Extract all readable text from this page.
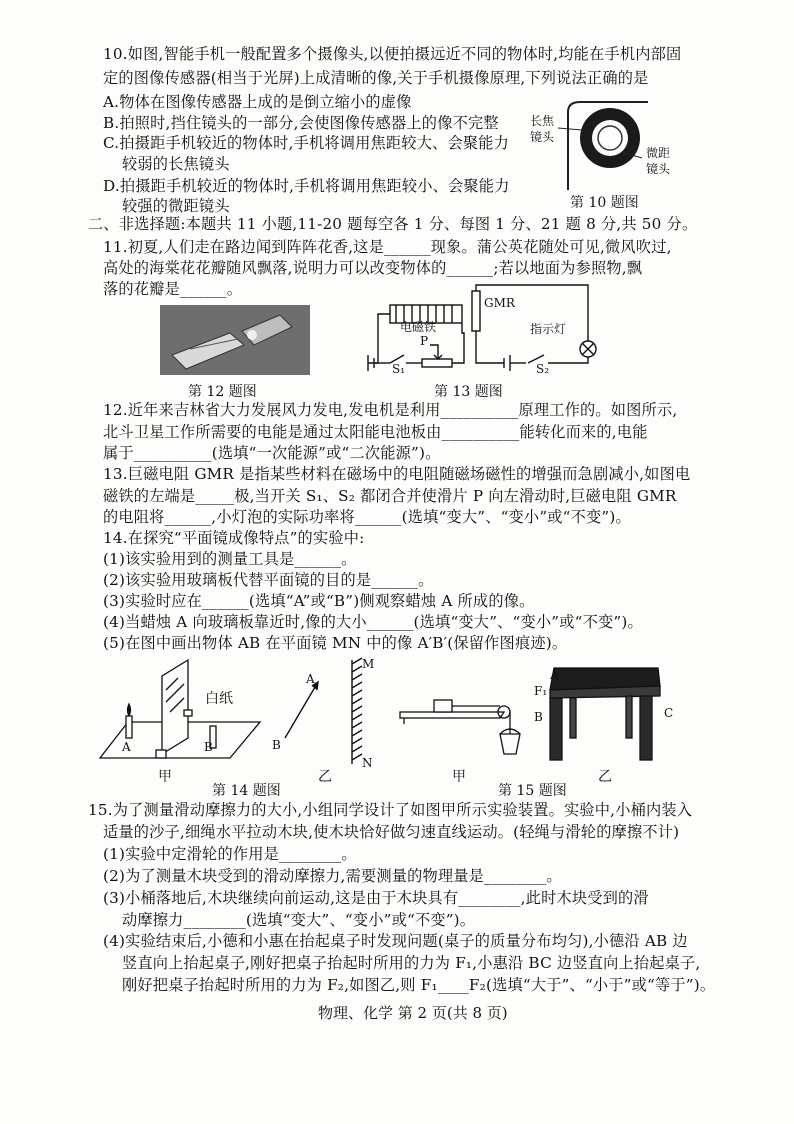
10.如图,智能手机一般配置多个摄像头,以便拍摄远近不同的物体时,均能在手机内部固
定的图像传感器(相当于光屏)上成清晰的像,关于手机摄像原理,下列说法正确的是
A.物体在图像传感器上成的是倒立缩小的虚像
B.拍照时,挡住镜头的一部分,会使图像传感器上的像不完整
C.拍摄距手机较近的物体时,手机将调用焦距较大、会聚能力
较弱的长焦镜头
D.拍摄距手机较近的物体时,手机将调用焦距较小、会聚能力
较强的微距镜头
长焦
镜头
微距
镜头
第 10 题图
二、非选择题:本题共 11 小题,11-20 题每空各 1 分、每图 1 分、21 题 8 分,共 50 分。
11.初夏,人们走在路边闻到阵阵花香,这是______现象。蒲公英花随处可见,微风吹过,
高处的海棠花花瓣随风飘落,说明力可以改变物体的______;若以地面为参照物,飘
落的花瓣是______。
第 12 题图
GMR
电磁铁	指示灯
P
S₁	S₂
第 13 题图
12.近年来吉林省大力发展风力发电,发电机是利用__________原理工作的。如图所示,
北斗卫星工作所需要的电能是通过太阳能电池板由__________能转化而来的,电能
属于__________(选填“一次能源”或“二次能源”)。
13.巨磁电阻 GMR 是指某些材料在磁场中的电阻随磁场磁性的增强而急剧减小,如图电
磁铁的左端是_____极,当开关 S₁、S₂ 都闭合并使滑片 P 向左滑动时,巨磁电阻 GMR
的电阻将______,小灯泡的实际功率将______(选填“变大”、“变小”或“不变”)。
14.在探究“平面镜成像特点”的实验中:
(1)该实验用到的测量工具是______。
(2)该实验用玻璃板代替平面镜的目的是______。
(3)实验时应在______(选填“A”或“B”)侧观察蜡烛 A 所成的像。
(4)当蜡烛 A 向玻璃板靠近时,像的大小______(选填“变大”、“变小”或“不变”)。
(5)在图中画出物体 AB 在平面镜 MN 中的像 A′B′(保留作图痕迹)。
白纸
A	B
甲
A
B
M
N
乙
第 14 题图
甲
A
F₁
B	C
乙
第 15 题图
15.为了测量滑动摩擦力的大小,小组同学设计了如图甲所示实验装置。实验中,小桶内装入
适量的沙子,细绳水平拉动木块,使木块恰好做匀速直线运动。(轻绳与滑轮的摩擦不计)
(1)实验中定滑轮的作用是________。
(2)为了测量木块受到的滑动摩擦力,需要测量的物理量是________。
(3)小桶落地后,木块继续向前运动,这是由于木块具有________,此时木块受到的滑
动摩擦力________(选填“变大”、“变小”或“不变”)。
(4)实验结束后,小德和小惠在抬起桌子时发现问题(桌子的质量分布均匀),小德沿 AB 边
竖直向上抬起桌子,刚好把桌子抬起时所用的力为 F₁,小惠沿 BC 边竖直向上抬起桌子,
刚好把桌子抬起时所用的力为 F₂,如图乙,则 F₁____F₂(选填“大于”、“小于”或“等于”)。
物理、化学 第 2 页(共 8 页)
